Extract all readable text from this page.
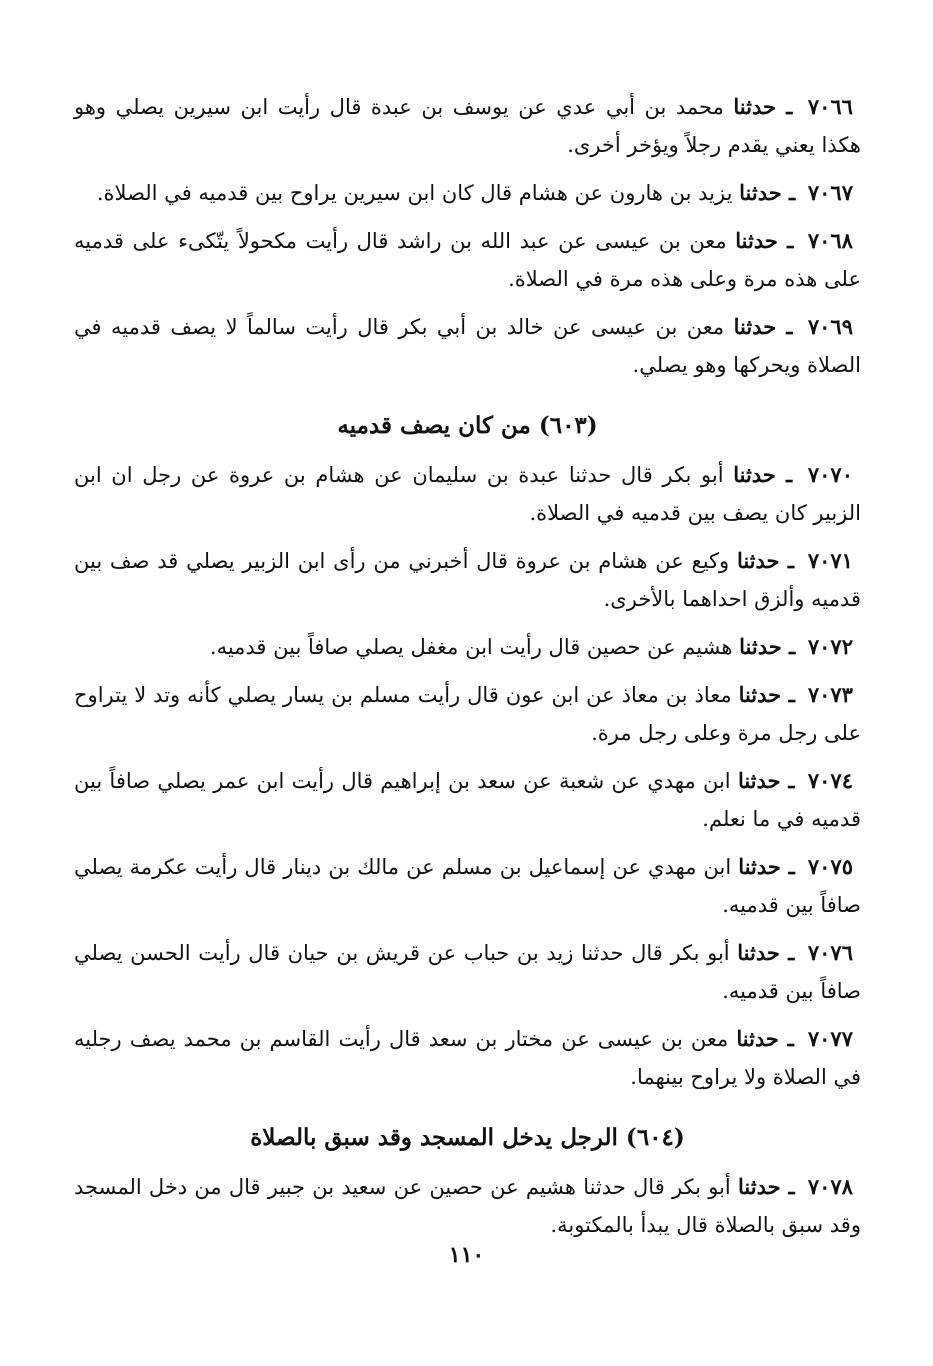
٧٠٦٦ ـ حدثنا محمد بن أبي عدي عن يوسف بن عبدة قال رأيت ابن سيرين يصلي وهو هكذا يعني يقدم رجلاً ويؤخر أخرى.

٧٠٦٧ ـ حدثنا يزيد بن هارون عن هشام قال كان ابن سيرين يراوح بين قدميه في الصلاة.

٧٠٦٨ ـ حدثنا معن بن عيسى عن عبد الله بن راشد قال رأيت مكحولاً يتّكىء على قدميه على هذه مرة وعلى هذه مرة في الصلاة.

٧٠٦٩ ـ حدثنا معن بن عيسى عن خالد بن أبي بكر قال رأيت سالماً لا يصف قدميه في الصلاة ويحركها وهو يصلي.

(٦٠٣) من كان يصف قدميه

٧٠٧٠ ـ حدثنا أبو بكر قال حدثنا عبدة بن سليمان عن هشام بن عروة عن رجل ان ابن الزبير كان يصف بين قدميه في الصلاة.

٧٠٧١ ـ حدثنا وكيع عن هشام بن عروة قال أخبرني من رأى ابن الزبير يصلي قد صف بين قدميه وألزق احداهما بالأخرى.

٧٠٧٢ ـ حدثنا هشيم عن حصين قال رأيت ابن مغفل يصلي صافاً بين قدميه.

٧٠٧٣ ـ حدثنا معاذ بن معاذ عن ابن عون قال رأيت مسلم بن يسار يصلي كأنه وتد لا يتراوح على رجل مرة وعلى رجل مرة.

٧٠٧٤ ـ حدثنا ابن مهدي عن شعبة عن سعد بن إبراهيم قال رأيت ابن عمر يصلي صافاً بين قدميه في ما نعلم.

٧٠٧٥ ـ حدثنا ابن مهدي عن إسماعيل بن مسلم عن مالك بن دينار قال رأيت عكرمة يصلي صافاً بين قدميه.

٧٠٧٦ ـ حدثنا أبو بكر قال حدثنا زيد بن حباب عن قريش بن حيان قال رأيت الحسن يصلي صافاً بين قدميه.

٧٠٧٧ ـ حدثنا معن بن عيسى عن مختار بن سعد قال رأيت القاسم بن محمد يصف رجليه في الصلاة ولا يراوح بينهما.

(٦٠٤) الرجل يدخل المسجد وقد سبق بالصلاة

٧٠٧٨ ـ حدثنا أبو بكر قال حدثنا هشيم عن حصين عن سعيد بن جبير قال من دخل المسجد وقد سبق بالصلاة قال يبدأ بالمكتوبة.

١١٠
